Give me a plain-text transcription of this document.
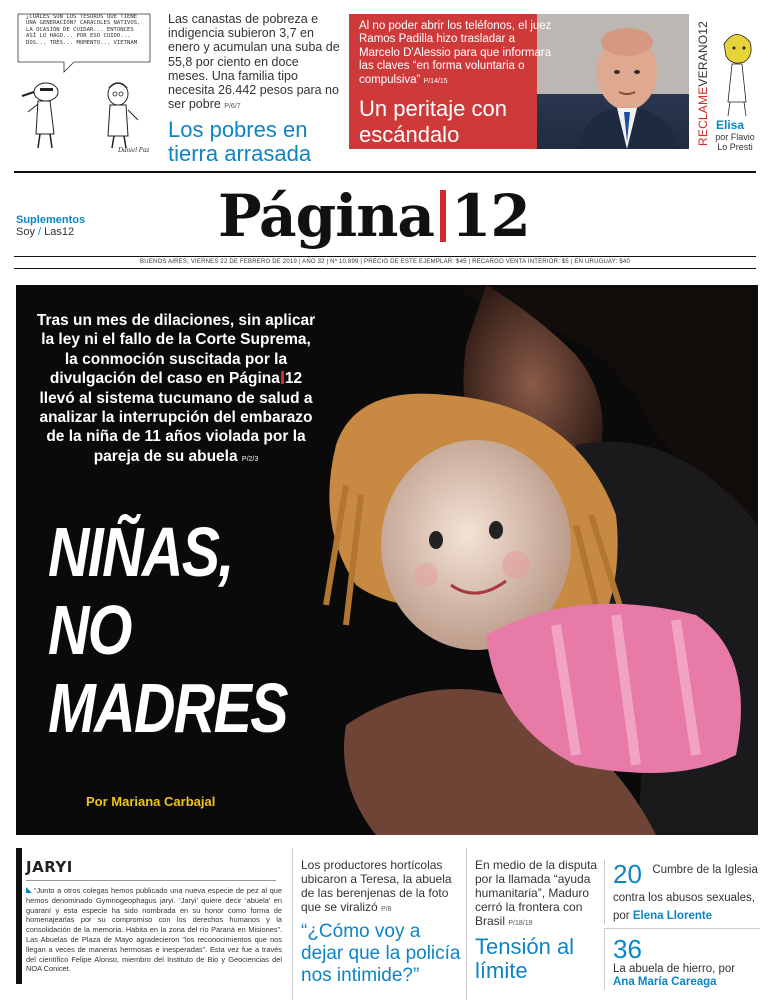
¿CUÁLES SON LOS TESOROS QUE TIENE UNA GENERACIÓN? CARACOLES NATIVOS, LA OCASIÓN DE CUIDAR... ENTONCES ASÍ LO HAGO... POR ESO CUIDO... DOS... TRES... MOMENTO... VIETNAM
Daniel Paz
Las canastas de pobreza e indigencia subieron 3,7 en enero y acumulan una suba de 55,8 por ciento en doce meses. Una familia tipo necesita 26.442 pesos para no ser pobre P/6/7
Los pobres en tierra arrasada
Al no poder abrir los teléfonos, el juez Ramos Padilla hizo trasladar a Marcelo D'Alessio para que informara las claves “en forma voluntaria o compulsiva” P/14/15
Un peritaje con escándalo	RECLAMEVERANO12
Elisa
por Flavio
Lo Presti
Suplementos
Soy / Las12 Página 12
BUENOS AIRES, VIERNES 22 DE FEBRERO DE 2019 | AÑO 32 | Nº 10.899 | PRECIO DE ESTE EJEMPLAR: $45 | RECARGO VENTA INTERIOR: $5 | EN URUGUAY: $40
Tras un mes de dilaciones, sin aplicar la ley ni el fallo de la Corte Suprema, la conmoción suscitada por la divulgación del caso en Página 12 llevó al sistema tucumano de salud a analizar la interrupción del embarazo de la niña de 11 años violada por la pareja de su abuela P/2/3
NIÑAS,
NO
MADRES
Por Mariana Carbajal
JARYI
“Junto a otros colegas hemos publicado una nueva especie de pez al que hemos denominado Gymnogeophagus jaryi. ‘Jaryi’ quiere decir ‘abuela’ en guaraní y esta especie ha sido nombrada en su honor como forma de homenajearlas por su compromiso con los derechos humanos y la consolidación de la memoria. Habita en la zona del río Paraná en Misiones”. Las Abuelas de Plaza de Mayo agradecieron “los reconocimientos que nos llegan a veces de maneras hermosas e inesperadas”. Esta vez fue a través del científico Felipe Alonso, miembro del Instituto de Bio y Geociencias del NOA Conicet.
Los productores hortícolas ubicaron a Teresa, la abuela de las berenjenas de la foto que se viralizó P/8
“¿Cómo voy a dejar que la policía nos intimide?”
En medio de la disputa por la llamada “ayuda humanitaria”, Maduro cerró la frontera con Brasil P/18/19
Tensión al límite
20 Cumbre de la Iglesia contra los abusos sexuales, por Elena Llorente
36
La abuela de hierro, por Ana María Careaga
